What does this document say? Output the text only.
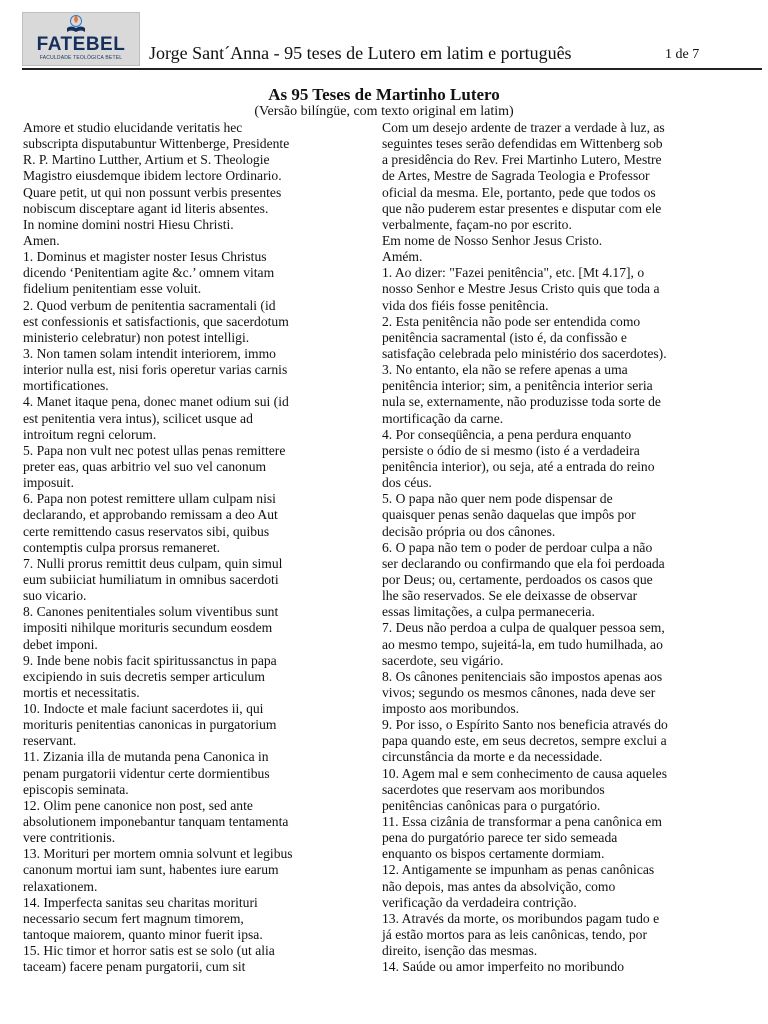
FATEBEL
FACULDADE TEOLÓGICA BETEL	Jorge Sant´Anna - 95 teses de Lutero em latim e português	1 de 7
As 95 Teses de Martinho Lutero
(Versão bilíngüe, com texto original em latim)
Amore et studio elucidande veritatis hec
subscripta disputabuntur Wittenberge, Presidente
R. P. Martino Lutther, Artium et S. Theologie
Magistro eiusdemque ibidem lectore Ordinario.
Quare petit, ut qui non possunt verbis presentes
nobiscum disceptare agant id literis absentes.
In nomine domini nostri Hiesu Christi.
Amen.
1. Dominus et magister noster Iesus Christus
dicendo ‘Penitentiam agite &c.’ omnem vitam
fidelium penitentiam esse voluit.
2. Quod verbum de penitentia sacramentali (id
est confessionis et satisfactionis, que sacerdotum
ministerio celebratur) non potest intelligi.
3. Non tamen solam intendit interiorem, immo
interior nulla est, nisi foris operetur varias carnis
mortificationes.
4. Manet itaque pena, donec manet odium sui (id
est penitentia vera intus), scilicet usque ad
introitum regni celorum.
5. Papa non vult nec potest ullas penas remittere
preter eas, quas arbitrio vel suo vel canonum
imposuit.
6. Papa non potest remittere ullam culpam nisi
declarando, et approbando remissam a deo Aut
certe remittendo casus reservatos sibi, quibus
contemptis culpa prorsus remaneret.
7. Nulli prorus remittit deus culpam, quin simul
eum subiiciat humiliatum in omnibus sacerdoti
suo vicario.
8. Canones penitentiales solum viventibus sunt
impositi nihilque morituris secundum eosdem
debet imponi.
9. Inde bene nobis facit spiritussanctus in papa
excipiendo in suis decretis semper articulum
mortis et necessitatis.
10. Indocte et male faciunt sacerdotes ii, qui
morituris penitentias canonicas in purgatorium
reservant.
11. Zizania illa de mutanda pena Canonica in
penam purgatorii videntur certe dormientibus
episcopis seminata.
12. Olim pene canonice non post, sed ante
absolutionem imponebantur tanquam tentamenta
vere contritionis.
13. Morituri per mortem omnia solvunt et legibus
canonum mortui iam sunt, habentes iure earum
relaxationem.
14. Imperfecta sanitas seu charitas morituri
necessario secum fert magnum timorem,
tantoque maiorem, quanto minor fuerit ipsa.
15. Hic timor et horror satis est se solo (ut alia
taceam) facere penam purgatorii, cum sit
Com um desejo ardente de trazer a verdade à luz, as
seguintes teses serão defendidas em Wittenberg sob
a presidência do Rev. Frei Martinho Lutero, Mestre
de Artes, Mestre de Sagrada Teologia e Professor
oficial da mesma. Ele, portanto, pede que todos os
que não puderem estar presentes e disputar com ele
verbalmente, façam-no por escrito.
Em nome de Nosso Senhor Jesus Cristo.
Amém.
1. Ao dizer: "Fazei penitência", etc. [Mt 4.17], o
nosso Senhor e Mestre Jesus Cristo quis que toda a
vida dos fiéis fosse penitência.
2. Esta penitência não pode ser entendida como
penitência sacramental (isto é, da confissão e
satisfação celebrada pelo ministério dos sacerdotes).
3. No entanto, ela não se refere apenas a uma
penitência interior; sim, a penitência interior seria
nula se, externamente, não produzisse toda sorte de
mortificação da carne.
4. Por conseqüência, a pena perdura enquanto
persiste o ódio de si mesmo (isto é a verdadeira
penitência interior), ou seja, até a entrada do reino
dos céus.
5. O papa não quer nem pode dispensar de
quaisquer penas senão daquelas que impôs por
decisão própria ou dos cânones.
6. O papa não tem o poder de perdoar culpa a não
ser declarando ou confirmando que ela foi perdoada
por Deus; ou, certamente, perdoados os casos que
lhe são reservados. Se ele deixasse de observar
essas limitações, a culpa permaneceria.
7. Deus não perdoa a culpa de qualquer pessoa sem,
ao mesmo tempo, sujeitá-la, em tudo humilhada, ao
sacerdote, seu vigário.
8. Os cânones penitenciais são impostos apenas aos
vivos; segundo os mesmos cânones, nada deve ser
imposto aos moribundos.
9. Por isso, o Espírito Santo nos beneficia através do
papa quando este, em seus decretos, sempre exclui a
circunstância da morte e da necessidade.
10. Agem mal e sem conhecimento de causa aqueles
sacerdotes que reservam aos moribundos
penitências canônicas para o purgatório.
11. Essa cizânia de transformar a pena canônica em
pena do purgatório parece ter sido semeada
enquanto os bispos certamente dormiam.
12. Antigamente se impunham as penas canônicas
não depois, mas antes da absolvição, como
verificação da verdadeira contrição.
13. Através da morte, os moribundos pagam tudo e
já estão mortos para as leis canônicas, tendo, por
direito, isenção das mesmas.
14. Saúde ou amor imperfeito no moribundo
